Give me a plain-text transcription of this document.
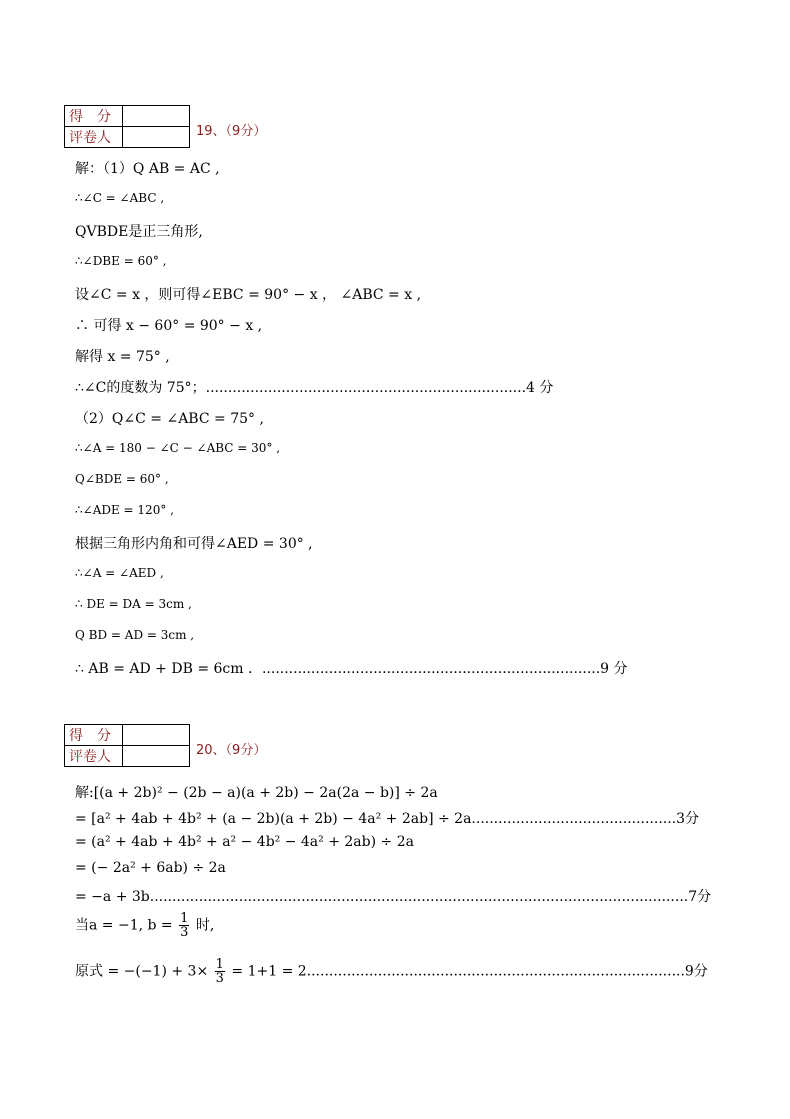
得　分	
评卷人		19、（9分）
解：（1）Q AB = AC ,
∴∠C = ∠ABC ,
QVBDE是正三角形,
∴∠DBE = 60° ,
设∠C = x ，则可得∠EBC = 90° − x ， ∠ABC = x ,
∴ 可得 x − 60° = 90° − x ,
解得 x = 75° ,
∴∠C的度数为 75°；........................................................................4 分
（2）Q∠C = ∠ABC = 75° ,
∴∠A = 180 − ∠C − ∠ABC = 30° ,
Q∠BDE = 60° ,
∴∠ADE = 120° ,
根据三角形内角和可得∠AED = 30° ,
∴∠A = ∠AED ,
∴ DE = DA = 3cm ,
Q BD = AD = 3cm ,
∴ AB = AD + DB = 6cm ．............................................................................9 分
得　分	
评卷人		20、（9分）
解:[(a + 2b)² − (2b − a)(a + 2b) − 2a(2a − b)] ÷ 2a
= [a² + 4ab + 4b² + (a − 2b)(a + 2b) − 4a² + 2ab] ÷ 2a..............................................3分
= (a² + 4ab + 4b² + a² − 4b² − 4a² + 2ab) ÷ 2a
= (− 2a² + 6ab) ÷ 2a
= −a + 3b.........................................................................................................................7分
当a = −1, $b = \frac{1}{3}$ 时,
原式 = $-(-1) + 3\times \frac{1}{3} = 1+1 = 2.....................................................................................9$分
